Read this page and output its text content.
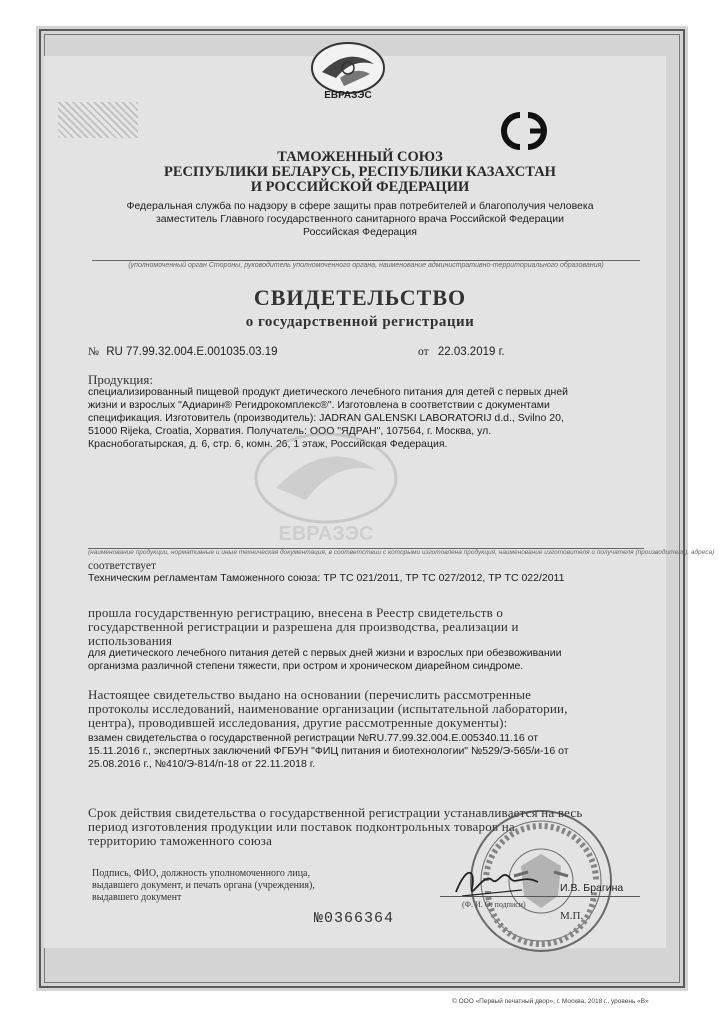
ЕВРАЗЭС
ТАМОЖЕННЫЙ СОЮЗ
РЕСПУБЛИКИ БЕЛАРУСЬ, РЕСПУБЛИКИ КАЗАХСТАН
И РОССИЙСКОЙ ФЕДЕРАЦИИ
Федеральная служба по надзору в сфере защиты прав потребителей и благополучия человека
заместитель Главного государственного санитарного врача Российской Федерации
Российская Федерация
(уполномоченный орган Стороны, руководитель уполномоченного органа, наименование административно-территориального образования)
СВИДЕТЕЛЬСТВО
о государственной регистрации
№ RU 77.99.32.004.E.001035.03.19	от 22.03.2019 г.
Продукция:
специализированный пищевой продукт диетического лечебного питания для детей с первых дней
жизни и взрослых "Адиарин® Регидрокомплекс®". Изготовлена в соответствии с документами
спецификация. Изготовитель (производитель): JADRAN GALENSKI LABORATORIJ d.d., Svilno 20,
51000 Rijeka, Croatia, Хорватия. Получатель: ООО "ЯДРАН", 107564, г. Москва, ул.
Краснобогатырская, д. 6, стр. 6, комн. 26, 1 этаж, Российская Федерация.
ЕВРАЗЭС
(наименование продукции, нормативные и иные техническая документация, в соответствии с которыми изготовлена продукция, наименование изготовителя и получателя (производителя), адреса)
соответствует
Техническим регламентам Таможенного союза: ТР ТС 021/2011, ТР ТС 027/2012, ТР ТС 022/2011
прошла государственную регистрацию, внесена в Реестр свидетельств о
государственной регистрации и разрешена для производства, реализации и
использования
для диетического лечебного питания детей с первых дней жизни и взрослых при обезвоживании
организма различной степени тяжести, при остром и хроническом диарейном синдроме.
Настоящее свидетельство выдано на основании (перечислить рассмотренные
протоколы исследований, наименование организации (испытательной лаборатории,
центра), проводившей исследования, другие рассмотренные документы):
взамен свидетельства о государственной регистрации №RU.77.99.32.004.E.005340.11.16 от
15.11.2016 г., экспертных заключений ФГБУН "ФИЦ питания и биотехнологии" №529/Э-565/и-16 от
25.08.2016 г., №410/Э-814/п-18 от 22.11.2018 г.
Срок действия свидетельства о государственной регистрации устанавливается на весь
период изготовления продукции или поставок подконтрольных товаров на
территорию таможенного союза
Подпись, ФИО, должность уполномоченного лица,
выдавшего документ, и печать органа (учреждения),
выдавшего документ
И.В. Брагина
(Ф. И. О. подписи)
М.П.
№0366364
© ООО «Первый печатный двор», г. Москва, 2018 г., уровень «В»
